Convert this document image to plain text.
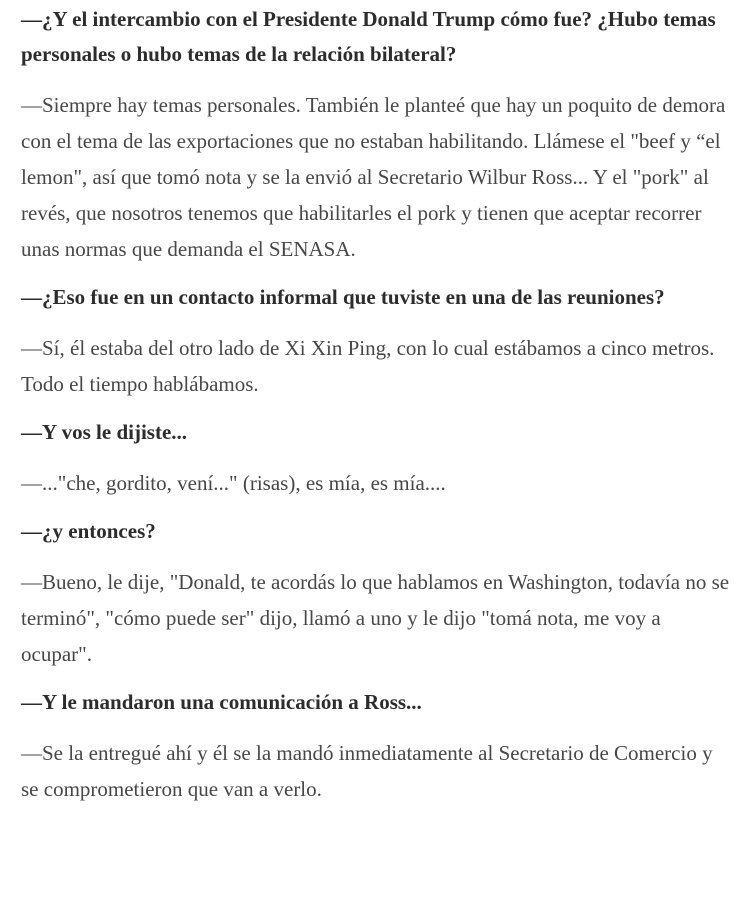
—¿Y el intercambio con el Presidente Donald Trump cómo fue? ¿Hubo temas personales o hubo temas de la relación bilateral?

—Siempre hay temas personales. También le planteé que hay un poquito de demora con el tema de las exportaciones que no estaban habilitando. Llámese el "beef y “el lemon", así que tomó nota y se la envió al Secretario Wilbur Ross... Y el "pork" al revés, que nosotros tenemos que habilitarles el pork y tienen que aceptar recorrer unas normas que demanda el SENASA.

—¿Eso fue en un contacto informal que tuviste en una de las reuniones?

—Sí, él estaba del otro lado de Xi Xin Ping, con lo cual estábamos a cinco metros. Todo el tiempo hablábamos.

—Y vos le dijiste...

—..."che, gordito, vení..." (risas), es mía, es mía....

—¿y entonces?

—Bueno, le dije, "Donald, te acordás lo que hablamos en Washington, todavía no se terminó", "cómo puede ser" dijo, llamó a uno y le dijo "tomá nota, me voy a ocupar".

—Y le mandaron una comunicación a Ross...

—Se la entregué ahí y él se la mandó inmediatamente al Secretario de Comercio y se comprometieron que van a verlo.
